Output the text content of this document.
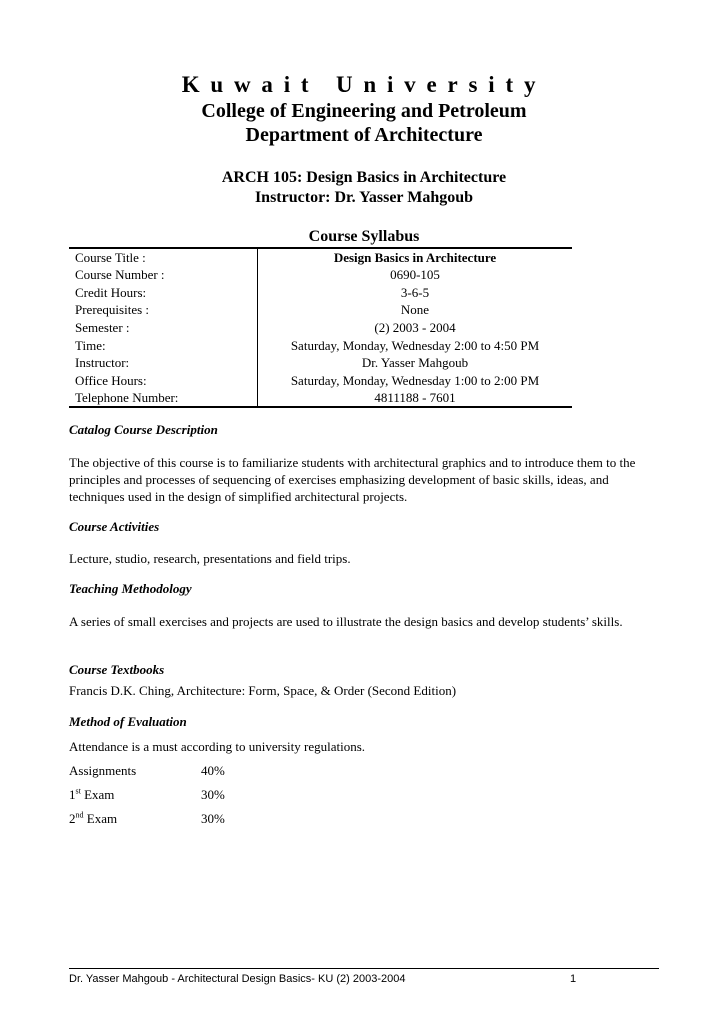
Kuwait University
College of Engineering and Petroleum
Department of Architecture
ARCH 105: Design Basics in Architecture
Instructor: Dr. Yasser Mahgoub
Course Syllabus
Course Title :	Design Basics in Architecture
Course Number :	0690-105
Credit Hours:	3-6-5
Prerequisites :	None
Semester :	(2) 2003 - 2004
Time:	Saturday, Monday, Wednesday 2:00 to 4:50 PM
Instructor:	Dr. Yasser Mahgoub
Office Hours:	Saturday, Monday, Wednesday 1:00 to 2:00 PM
Telephone Number:	4811188 - 7601
Catalog Course Description
The objective of this course is to familiarize students with architectural graphics and to introduce them to the principles and processes of sequencing of exercises emphasizing development of basic skills, ideas, and techniques used in the design of simplified architectural projects.
Course Activities
Lecture, studio, research, presentations and field trips.
Teaching Methodology
A series of small exercises and projects are used to illustrate the design basics and develop students’ skills.
Course Textbooks
Francis D.K. Ching, Architecture: Form, Space, & Order (Second Edition)
Method of Evaluation
Attendance is a must according to university regulations.
Assignments	40%
1st Exam	30%
2nd Exam	30%
Dr. Yasser Mahgoub - Architectural Design Basics- KU (2) 2003-2004	1
